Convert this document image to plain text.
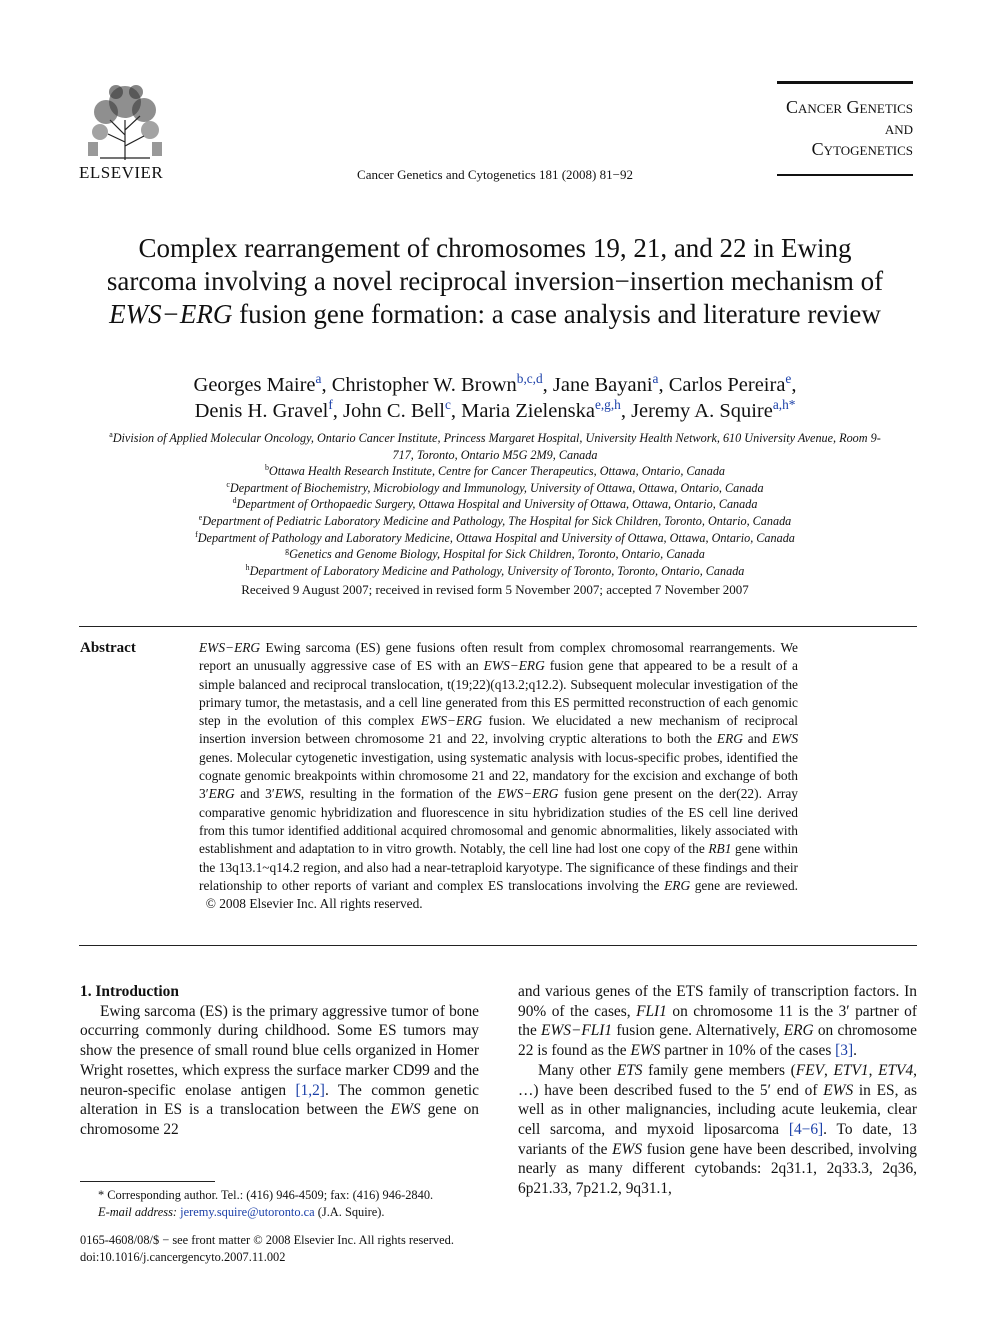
ELSEVIER	Cancer Genetics and Cytogenetics 181 (2008) 81−92
Cancer Genetics
and
Cytogenetics
Complex rearrangement of chromosomes 19, 21, and 22 in Ewing sarcoma involving a novel reciprocal inversion−insertion mechanism of EWS−ERG fusion gene formation: a case analysis and literature review
Georges Maire$^a$, Christopher W. Brown$^{b,c,d}$, Jane Bayani$^a$, Carlos Pereira$^e$,
Denis H. Gravel$^f$, John C. Bell$^c$, Maria Zielenska$^{e,g,h}$, Jeremy A. Squire$^{a,h*}$
$^a$Division of Applied Molecular Oncology, Ontario Cancer Institute, Princess Margaret Hospital, University Health Network, 610 University Avenue, Room 9-717, Toronto, Ontario M5G 2M9, Canada
$^b$Ottawa Health Research Institute, Centre for Cancer Therapeutics, Ottawa, Ontario, Canada
$^c$Department of Biochemistry, Microbiology and Immunology, University of Ottawa, Ottawa, Ontario, Canada
$^d$Department of Orthopaedic Surgery, Ottawa Hospital and University of Ottawa, Ottawa, Ontario, Canada
$^e$Department of Pediatric Laboratory Medicine and Pathology, The Hospital for Sick Children, Toronto, Ontario, Canada
$^f$Department of Pathology and Laboratory Medicine, Ottawa Hospital and University of Ottawa, Ottawa, Ontario, Canada
$^g$Genetics and Genome Biology, Hospital for Sick Children, Toronto, Ontario, Canada
$^h$Department of Laboratory Medicine and Pathology, University of Toronto, Toronto, Ontario, Canada
Received 9 August 2007; received in revised form 5 November 2007; accepted 7 November 2007
Abstract	EWS−ERG Ewing sarcoma (ES) gene fusions often result from complex chromosomal rearrangements. We report an unusually aggressive case of ES with an EWS−ERG fusion gene that appeared to be a result of a simple balanced and reciprocal translocation, t(19;22)(q13.2;q12.2). Subsequent molecular investigation of the primary tumor, the metastasis, and a cell line generated from this ES permitted reconstruction of each genomic step in the evolution of this complex EWS−ERG fusion. We elucidated a new mechanism of reciprocal insertion inversion between chromosome 21 and 22, involving cryptic alterations to both the ERG and EWS genes. Molecular cytogenetic investigation, using systematic analysis with locus-specific probes, identified the cognate genomic breakpoints within chromosome 21 and 22, mandatory for the excision and exchange of both 3′ERG and 3′EWS, resulting in the formation of the EWS−ERG fusion gene present on the der(22). Array comparative genomic hybridization and fluorescence in situ hybridization studies of the ES cell line derived from this tumor identified additional acquired chromosomal and genomic abnormalities, likely associated with establishment and adaptation to in vitro growth. Notably, the cell line had lost one copy of the RB1 gene within the 13q13.1~q14.2 region, and also had a near-tetraploid karyotype. The significance of these findings and their relationship to other reports of variant and complex ES translocations involving the ERG gene are reviewed.   © 2008 Elsevier Inc. All rights reserved.

1. Introduction

Ewing sarcoma (ES) is the primary aggressive tumor of bone occurring commonly during childhood. Some ES tumors may show the presence of small round blue cells organized in Homer Wright rosettes, which express the surface marker CD99 and the neuron-specific enolase antigen [1,2]. The common genetic alteration in ES is a translocation between the EWS gene on chromosome 22

and various genes of the ETS family of transcription factors. In 90% of the cases, FLI1 on chromosome 11 is the 3′ partner of the EWS−FLI1 fusion gene. Alternatively, ERG on chromosome 22 is found as the EWS partner in 10% of the cases [3].

Many other ETS family gene members (FEV, ETV1, ETV4, …) have been described fused to the 5′ end of EWS in ES, as well as in other malignancies, including acute leukemia, clear cell sarcoma, and myxoid liposarcoma [4−6]. To date, 13 variants of the EWS fusion gene have been described, involving nearly as many different cytobands: 2q31.1, 2q33.3, 2q36, 6p21.33, 7p21.2, 9q31.1,

* Corresponding author. Tel.: (416) 946-4509; fax: (416) 946-2840.
E-mail address: jeremy.squire@utoronto.ca (J.A. Squire).
0165-4608/08/$ − see front matter © 2008 Elsevier Inc. All rights reserved.
doi:10.1016/j.cancergencyto.2007.11.002
